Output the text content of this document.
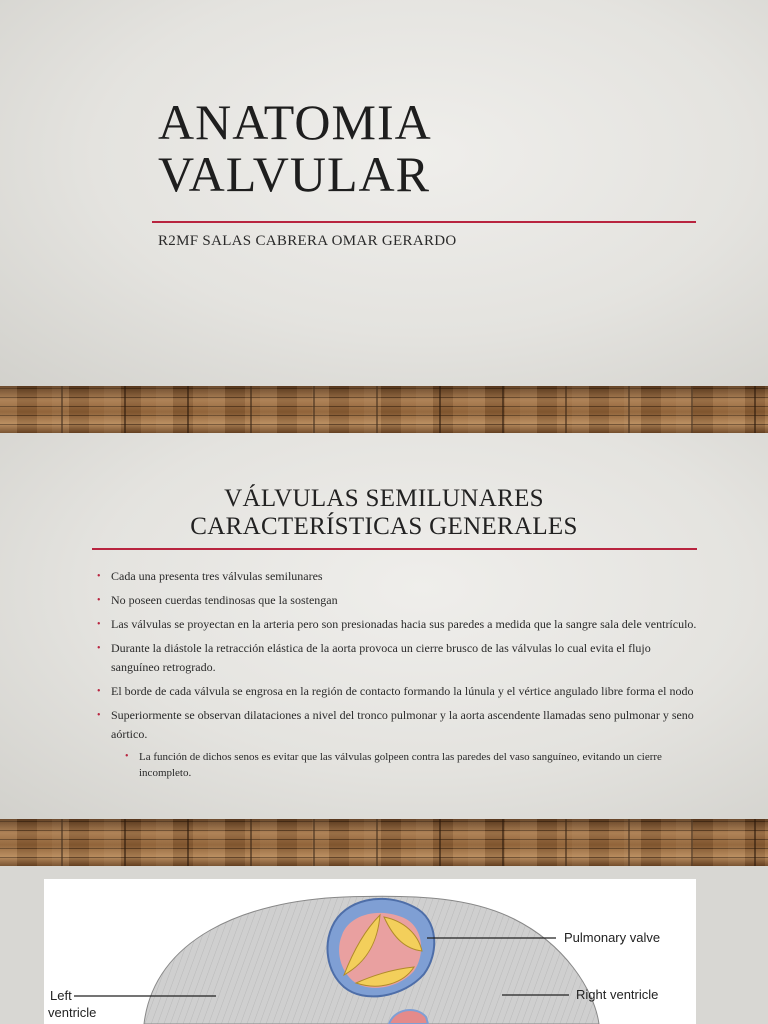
ANATOMIA
VALVULAR
R2MF SALAS CABRERA OMAR GERARDO
VÁLVULAS SEMILUNARES
CARACTERÍSTICAS GENERALES
• Cada una presenta tres válvulas semilunares
• No poseen cuerdas tendinosas que la sostengan
• Las válvulas se proyectan en la arteria pero son presionadas hacia sus paredes a medida que la sangre sala dele ventrículo.
• Durante la diástole la retracción elástica de la aorta provoca un cierre brusco de las válvulas lo cual evita el flujo sanguíneo retrogrado.
• El borde de cada válvula se engrosa en la región de contacto formando la lúnula y el vértice angulado libre forma el nodo
• Superiormente se observan dilataciones a nivel del tronco pulmonar y la aorta ascendente llamadas seno pulmonar y seno aórtico.
• La función de dichos senos es evitar que las válvulas golpeen contra las paredes del vaso sanguíneo, evitando un cierre incompleto.
Pulmonary valve
Right ventricle
Left
ventricle
